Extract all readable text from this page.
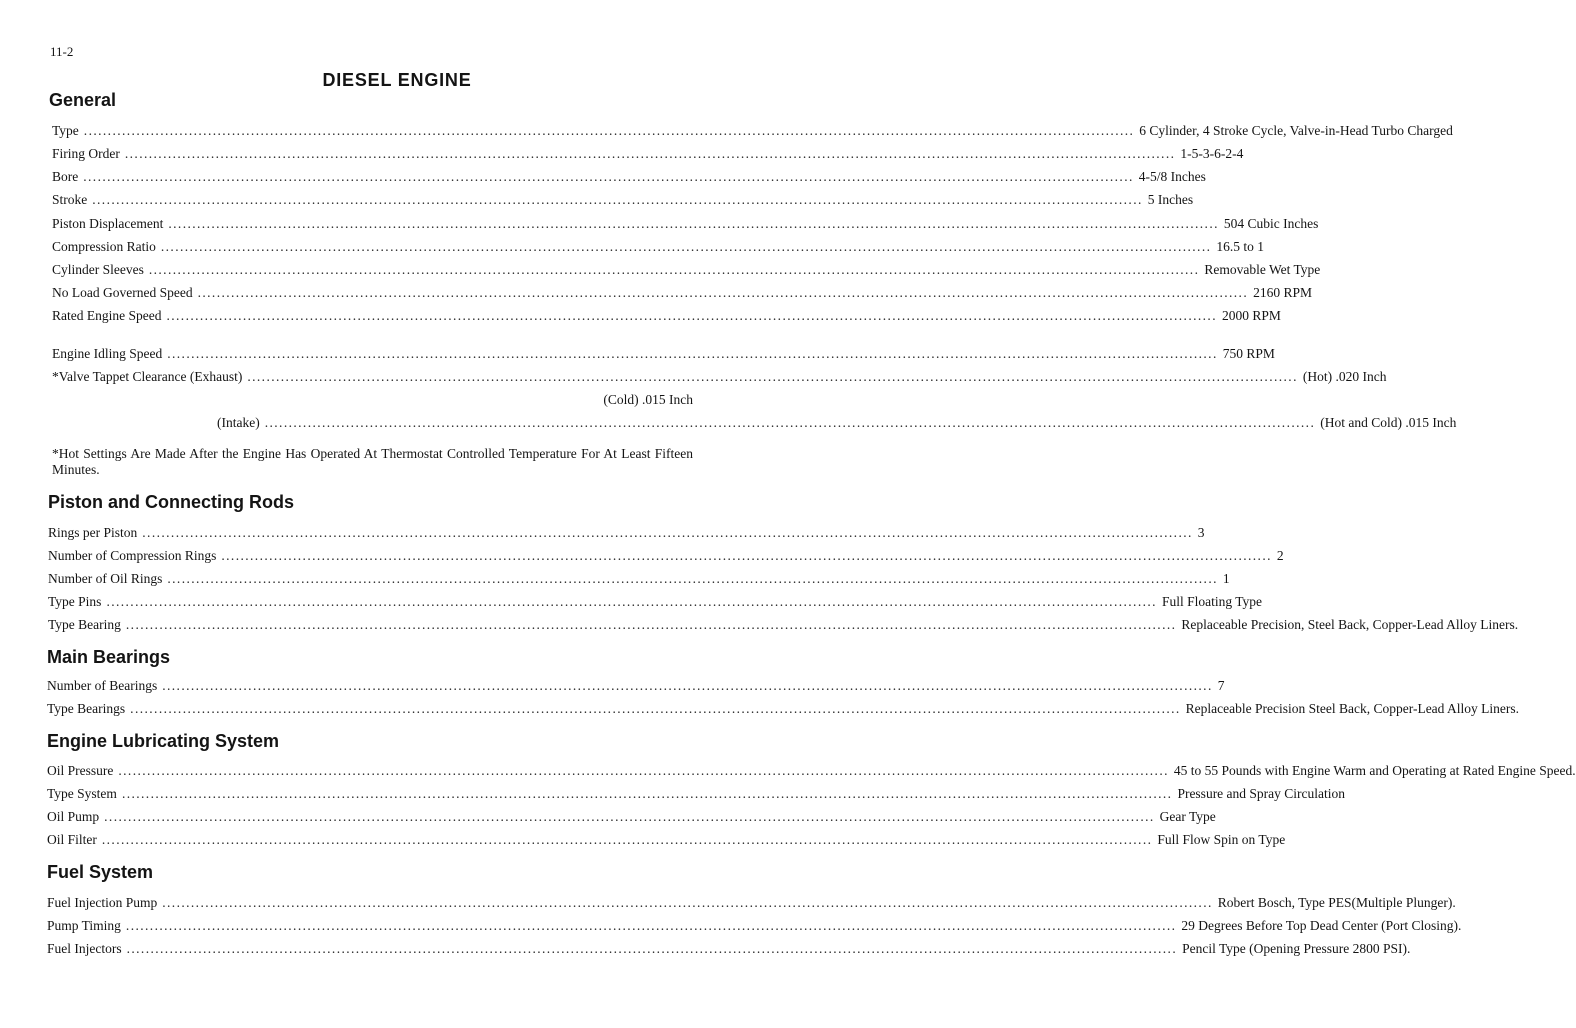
11-2
DIESEL ENGINE
General
Type ............................................................................................................................................................................................................................ 6 Cylinder, 4 Stroke Cycle, Valve-in-Head Turbo Charged
Firing Order ............................................................................................................................................................................................................................ 1-5-3-6-2-4
Bore ............................................................................................................................................................................................................................ 4-5/8 Inches
Stroke ............................................................................................................................................................................................................................ 5 Inches
Piston Displacement ............................................................................................................................................................................................................................ 504 Cubic Inches
Compression Ratio ............................................................................................................................................................................................................................ 16.5 to 1
Cylinder Sleeves ............................................................................................................................................................................................................................ Removable Wet Type
No Load Governed Speed ............................................................................................................................................................................................................................ 2160 RPM
Rated Engine Speed ............................................................................................................................................................................................................................ 2000 RPM
Engine Idling Speed ............................................................................................................................................................................................................................ 750 RPM
*Valve Tappet Clearance (Exhaust) ............................................................................................................................................................................................................................ (Hot) .020 Inch
(Cold) .015 Inch
(Intake) ............................................................................................................................................................................................................................ (Hot and Cold) .015 Inch
*Hot Settings Are Made After the Engine Has Operated At Thermostat Controlled Temperature For At Least Fifteen Minutes.
Piston and Connecting Rods
Rings per Piston ............................................................................................................................................................................................................................ 3
Number of Compression Rings ............................................................................................................................................................................................................................ 2
Number of Oil Rings ............................................................................................................................................................................................................................ 1
Type Pins ............................................................................................................................................................................................................................ Full Floating Type
Type Bearing ............................................................................................................................................................................................................................ Replaceable Precision, Steel Back, Copper-Lead Alloy Liners.
Main Bearings
Number of Bearings ............................................................................................................................................................................................................................ 7
Type Bearings ............................................................................................................................................................................................................................ Replaceable Precision Steel Back, Copper-Lead Alloy Liners.
Engine Lubricating System
Oil Pressure ............................................................................................................................................................................................................................ 45 to 55 Pounds with Engine Warm and Operating at Rated Engine Speed.
Type System ............................................................................................................................................................................................................................ Pressure and Spray Circulation
Oil Pump ............................................................................................................................................................................................................................ Gear Type
Oil Filter ............................................................................................................................................................................................................................ Full Flow Spin on Type
Fuel System
Fuel Injection Pump ............................................................................................................................................................................................................................ Robert Bosch, Type PES(Multiple Plunger).
Pump Timing ............................................................................................................................................................................................................................ 29 Degrees Before Top Dead Center (Port Closing).
Fuel Injectors ............................................................................................................................................................................................................................ Pencil Type (Opening Pressure 2800 PSI).
